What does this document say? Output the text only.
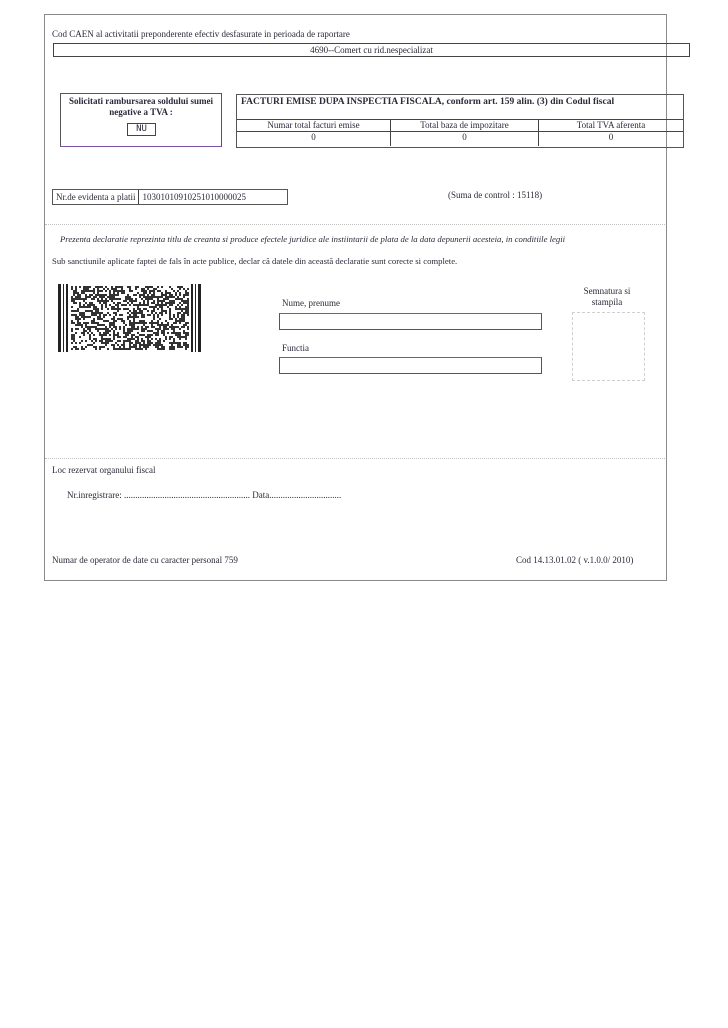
Cod CAEN al activitatii preponderente efectiv desfasurate in perioada de raportare
4690--Comert cu rid.nespecializat
Solicitati rambursarea soldului sumei negative a TVA :
NU
FACTURI EMISE DUPA INSPECTIA FISCALA, conform art. 159 alin. (3) din Codul fiscal
Numar total facturi emise	Total baza de impozitare	Total TVA aferenta
0	0	0
Nr.de evidenta a platii 10301010910251010000025	(Suma de control : 15118)
Prezenta declaratie reprezinta titlu de creanta si produce efectele juridice ale instiintarii de plata de la data depunerii acesteia, in conditiile legii
Sub sanctiunile aplicate faptei de fals în acte publice, declar că datele din această declaratie sunt corecte si complete.
Nume, prenume
Functia
Semnatura si stampila
Loc rezervat organului fiscal
Nr.inregistrare: ........................................................ Data................................
Numar de operator de date cu caracter personal 759	Cod 14.13.01.02 ( v.1.0.0/ 2010)
